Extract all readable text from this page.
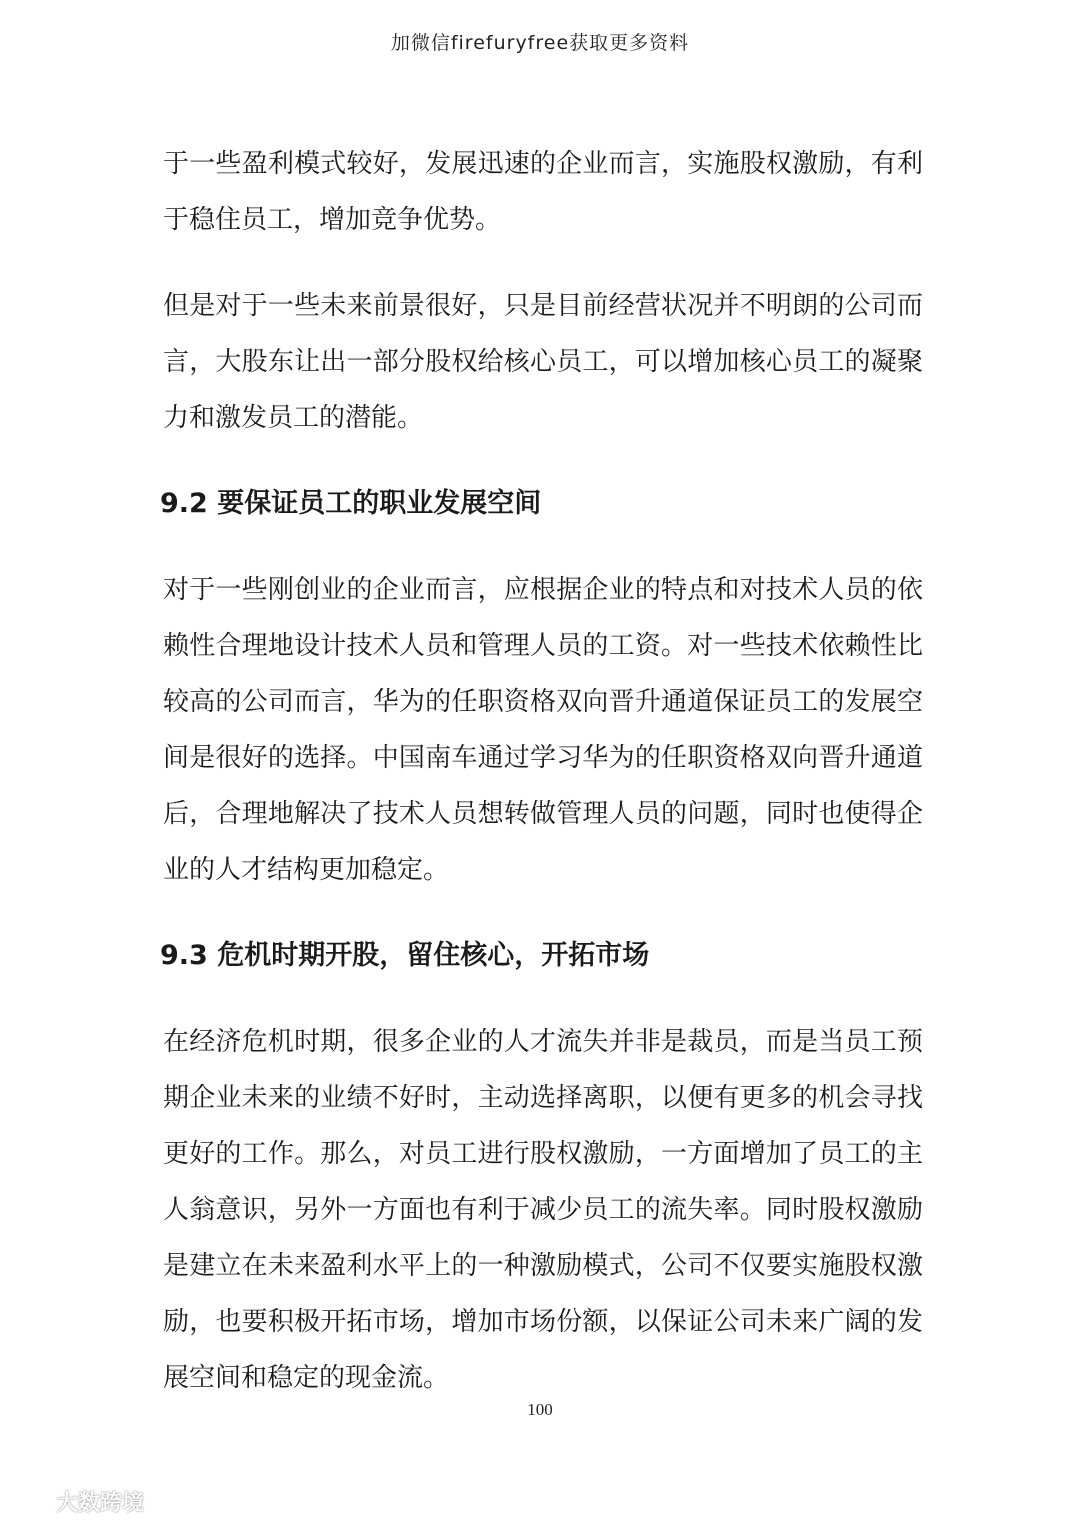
加微信firefuryfree获取更多资料

于一些盈利模式较好，发展迅速的企业而言，实施股权激励，有利于稳住员工，增加竞争优势。

但是对于一些未来前景很好，只是目前经营状况并不明朗的公司而言，大股东让出一部分股权给核心员工，可以增加核心员工的凝聚力和激发员工的潜能。

9.2 要保证员工的职业发展空间

对于一些刚创业的企业而言，应根据企业的特点和对技术人员的依赖性合理地设计技术人员和管理人员的工资。对一些技术依赖性比较高的公司而言，华为的任职资格双向晋升通道保证员工的发展空间是很好的选择。中国南车通过学习华为的任职资格双向晋升通道后，合理地解决了技术人员想转做管理人员的问题，同时也使得企业的人才结构更加稳定。

9.3 危机时期开股，留住核心，开拓市场

在经济危机时期，很多企业的人才流失并非是裁员，而是当员工预期企业未来的业绩不好时，主动选择离职，以便有更多的机会寻找更好的工作。那么，对员工进行股权激励，一方面增加了员工的主人翁意识，另外一方面也有利于减少员工的流失率。同时股权激励是建立在未来盈利水平上的一种激励模式，公司不仅要实施股权激励，也要积极开拓市场，增加市场份额，以保证公司未来广阔的发展空间和稳定的现金流。

100
大数跨境
